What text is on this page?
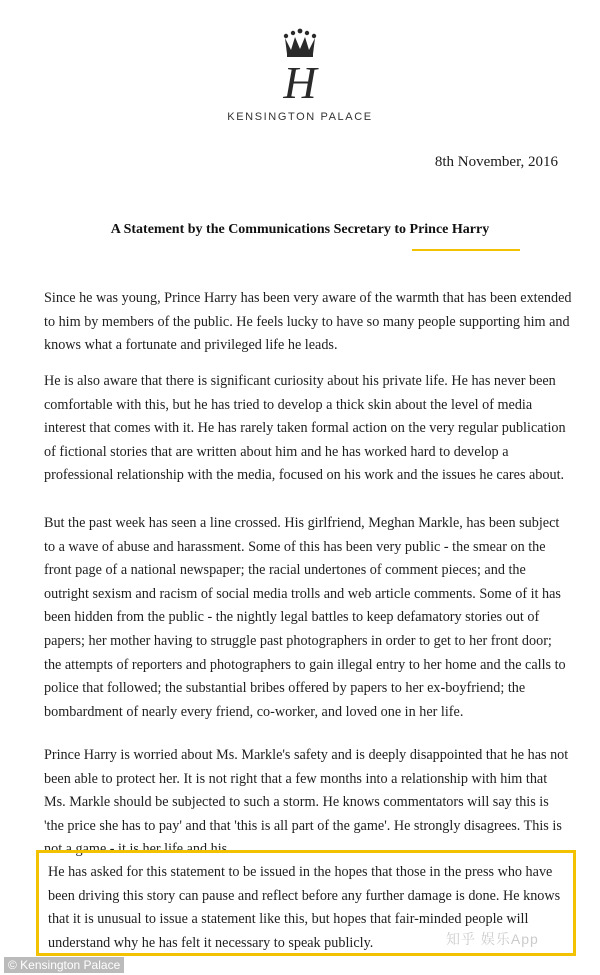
H
KENSINGTON PALACE
8th November, 2016
A Statement by the Communications Secretary to Prince Harry

Since he was young, Prince Harry has been very aware of the warmth that has been extended to him by members of the public. He feels lucky to have so many people supporting him and knows what a fortunate and privileged life he leads.

He is also aware that there is significant curiosity about his private life. He has never been comfortable with this, but he has tried to develop a thick skin about the level of media interest that comes with it. He has rarely taken formal action on the very regular publication of fictional stories that are written about him and he has worked hard to develop a professional relationship with the media, focused on his work and the issues he cares about.

But the past week has seen a line crossed. His girlfriend, Meghan Markle, has been subject to a wave of abuse and harassment. Some of this has been very public - the smear on the front page of a national newspaper; the racial undertones of comment pieces; and the outright sexism and racism of social media trolls and web article comments. Some of it has been hidden from the public - the nightly legal battles to keep defamatory stories out of papers; her mother having to struggle past photographers in order to get to her front door; the attempts of reporters and photographers to gain illegal entry to her home and the calls to police that followed; the substantial bribes offered by papers to her ex-boyfriend; the bombardment of nearly every friend, co-worker, and loved one in her life.

Prince Harry is worried about Ms. Markle's safety and is deeply disappointed that he has not been able to protect her. It is not right that a few months into a relationship with him that Ms. Markle should be subjected to such a storm. He knows commentators will say this is 'the price she has to pay' and that 'this is all part of the game'. He strongly disagrees. This is not a game - it is her life and his.

He has asked for this statement to be issued in the hopes that those in the press who have been driving this story can pause and reflect before any further damage is done. He knows that it is unusual to issue a statement like this, but hopes that fair-minded people will understand why he has felt it necessary to speak publicly.	知乎 娱乐App
© Kensington Palace
